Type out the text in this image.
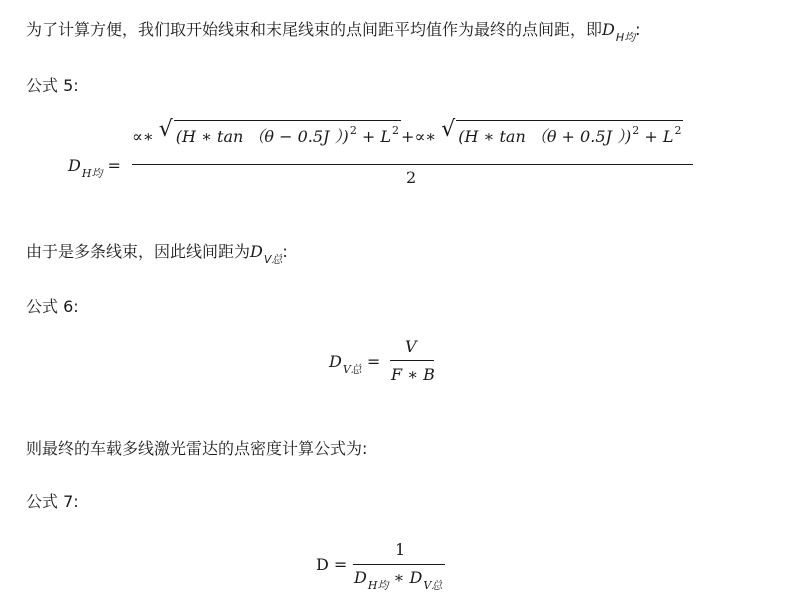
为了计算方便，我们取开始线束和末尾线束的点间距平均值作为最终的点间距，即$D_{H均}$:
公式 5:
$D_{H均}$ =
∝∗ √ (H ∗ tan （θ − 0.5J ）)$^2 + L^2$ +∝∗ √ (H ∗ tan （θ + 0.5J ）)$^2 + L^2$
2
由于是多条线束，因此线间距为$D_{V总}$:
公式 6:
$D_{V总}$ =
V
F ∗ B
则最终的车载多线激光雷达的点密度计算公式为:
公式 7:
D =
1
$D_{H均}$ ∗ $D_{V总}$
